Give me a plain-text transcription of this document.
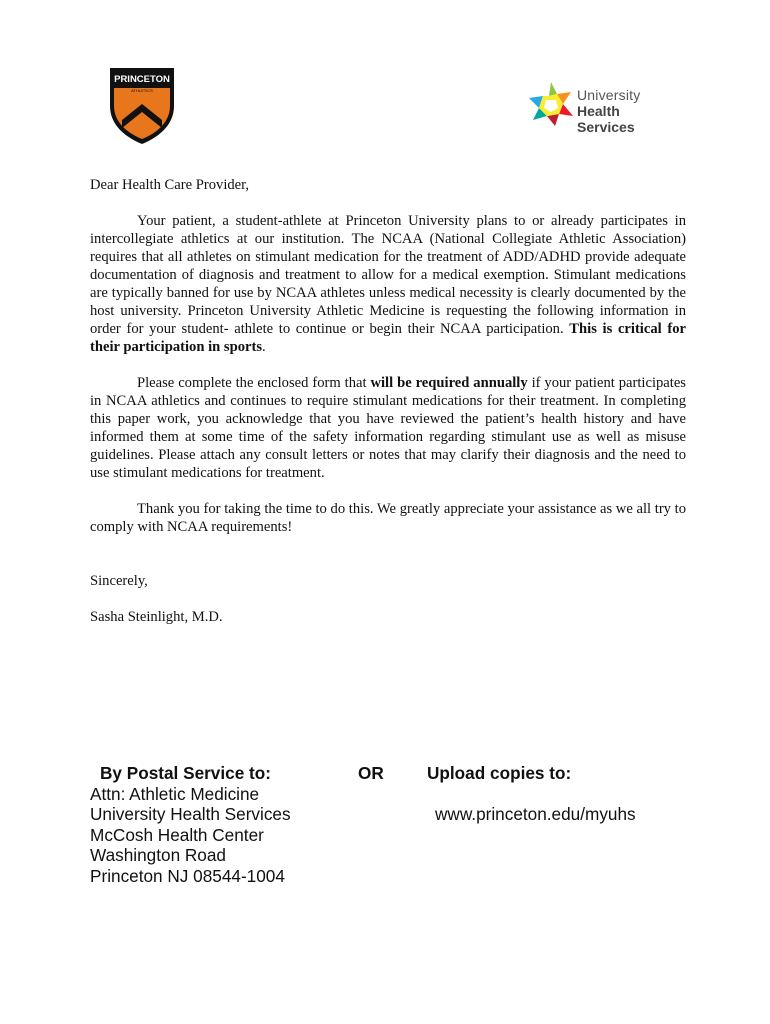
PRINCETON
ATHLETICS	University
Health Services

Dear Health Care Provider,

Your patient, a student-athlete at Princeton University plans to or already participates in intercollegiate athletics at our institution. The NCAA (National Collegiate Athletic Association) requires that all athletes on stimulant medication for the treatment of ADD/ADHD provide adequate documentation of diagnosis and treatment to allow for a medical exemption. Stimulant medications are typically banned for use by NCAA athletes unless medical necessity is clearly documented by the host university. Princeton University Athletic Medicine is requesting the following information in order for your student- athlete to continue or begin their NCAA participation. This is critical for their participation in sports.

Please complete the enclosed form that will be required annually if your patient participates in NCAA athletics and continues to require stimulant medications for their treatment. In completing this paper work, you acknowledge that you have reviewed the patient’s health history and have informed them at some time of the safety information regarding stimulant use as well as misuse guidelines. Please attach any consult letters or notes that may clarify their diagnosis and the need to use stimulant medications for treatment.

Thank you for taking the time to do this. We greatly appreciate your assistance as we all try to comply with NCAA requirements!

Sincerely,

Sasha Steinlight, M.D.

By Postal Service to:
Attn: Athletic Medicine
University Health Services
McCosh Health Center
Washington Road
Princeton NJ 08544-1004
OR	Upload copies to:
www.princeton.edu/myuhs
